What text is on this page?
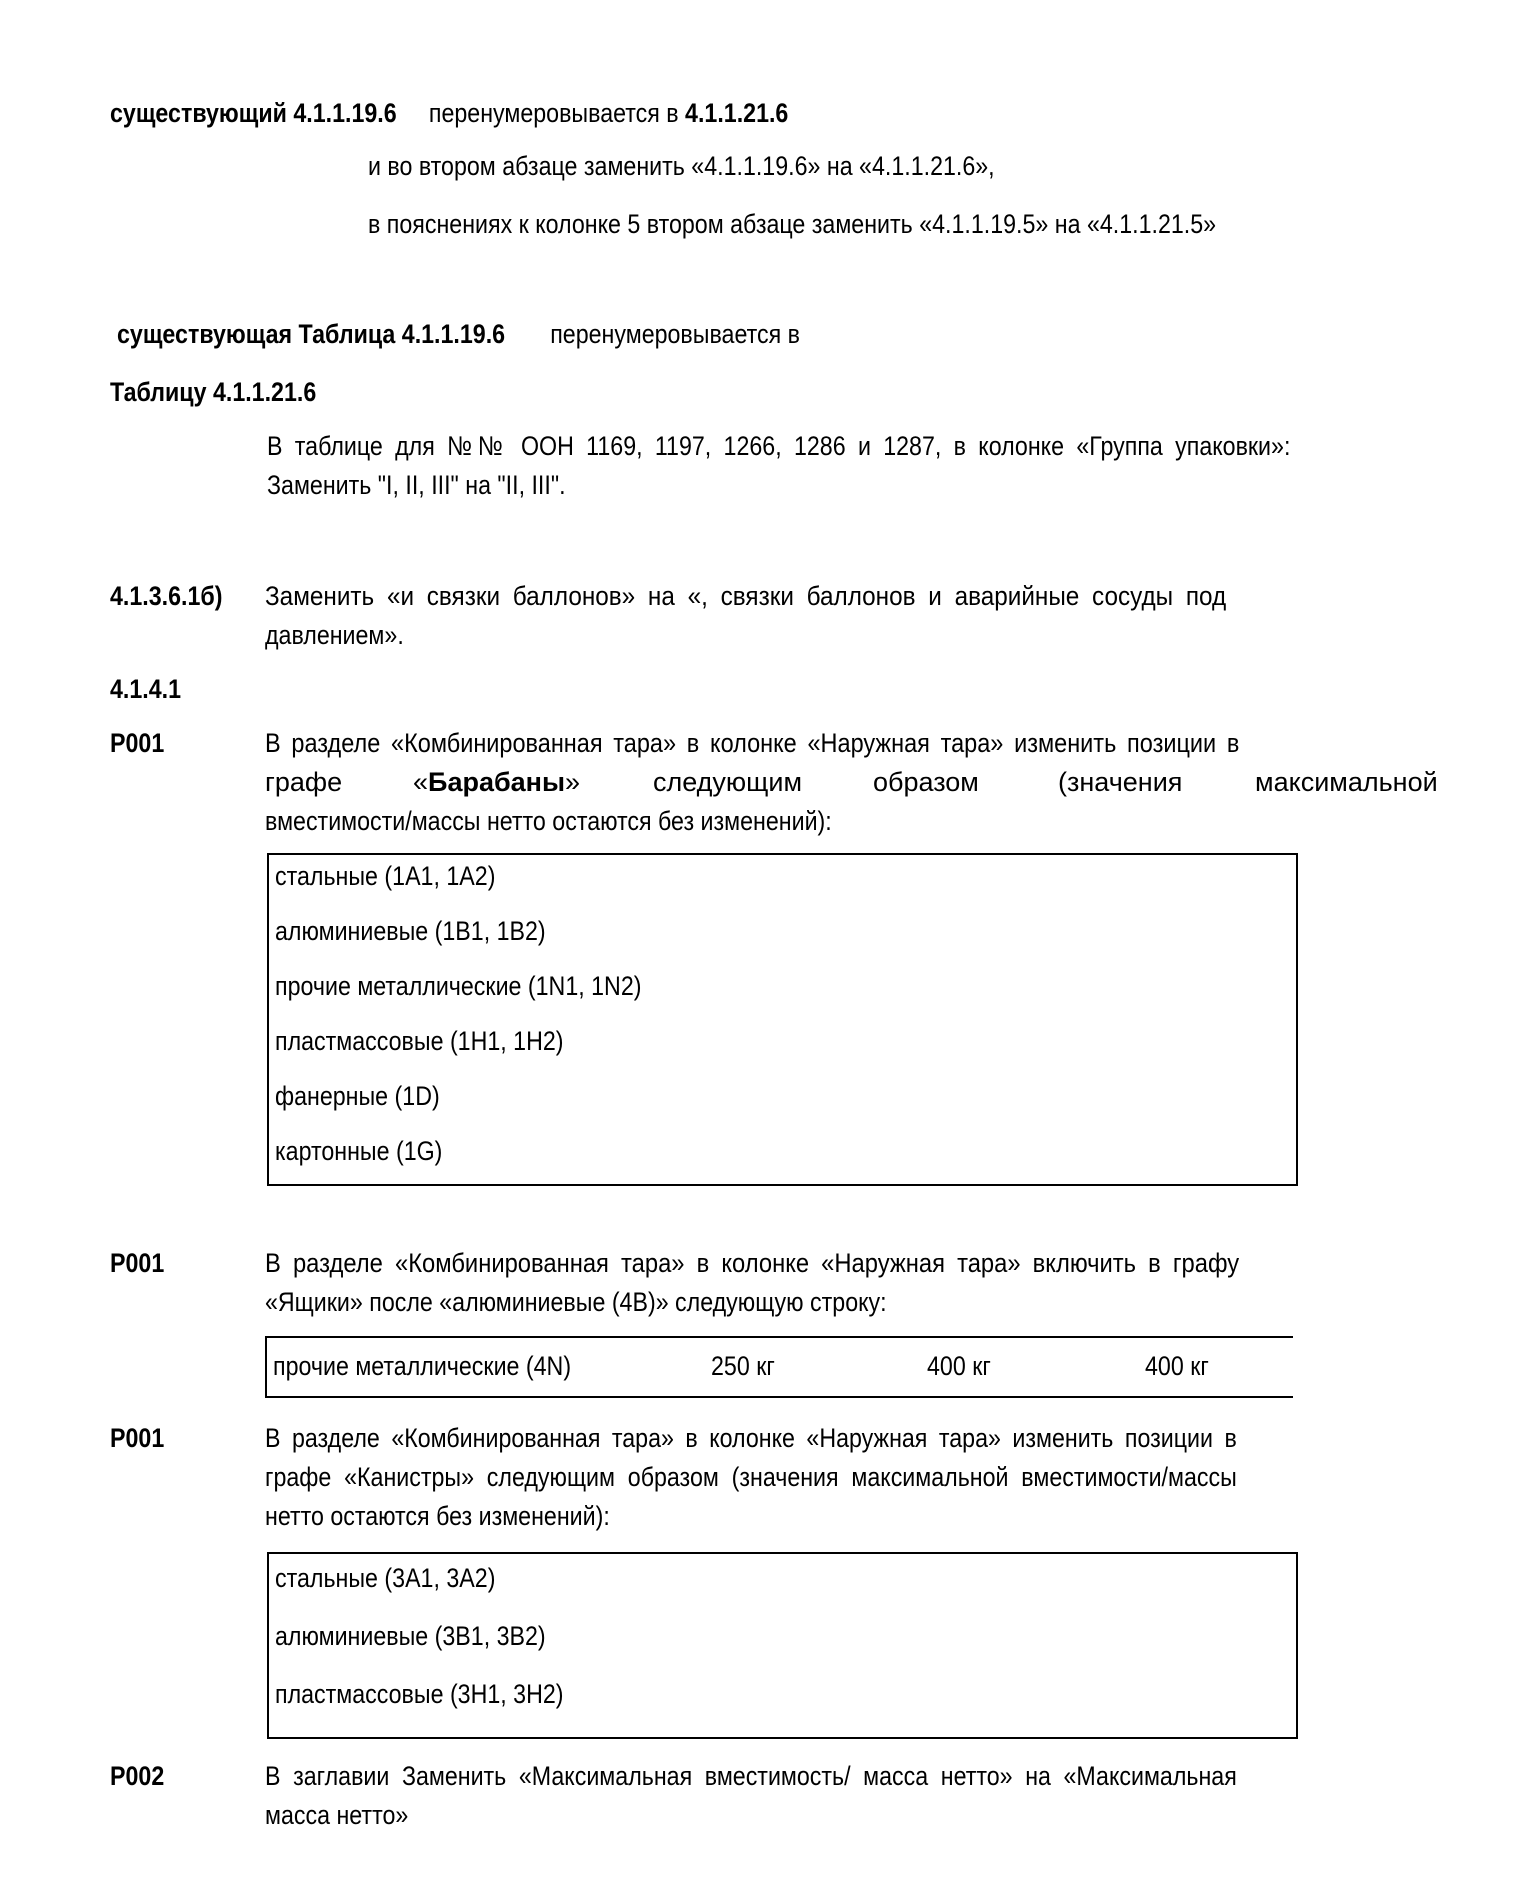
существующий 4.1.1.19.6 перенумеровывается в 4.1.1.21.6
и во втором абзаце заменить «4.1.1.19.6» на «4.1.1.21.6»,
в пояснениях к колонке 5 втором абзаце заменить «4.1.1.19.5» на «4.1.1.21.5»
существующая Таблица 4.1.1.19.6 перенумеровывается в
Таблицу 4.1.1.21.6
В таблице для №№ ООН 1169, 1197, 1266, 1286 и 1287, в колонке «Группа упаковки»:
Заменить "I, II, III" на "II, III".
4.1.3.6.1б)	Заменить «и связки баллонов» на «, связки баллонов и аварийные сосуды под
давлением».
4.1.4.1
P001	В разделе «Комбинированная тара» в колонке «Наружная тара» изменить позиции в
графе	«Барабаны»	следующим	образом	(значения	максимальной
вместимости/массы нетто остаются без изменений):
стальные (1A1, 1A2)
алюминиевые (1B1, 1B2)
прочие металлические (1N1, 1N2)
пластмассовые (1H1, 1H2)
фанерные (1D)
картонные (1G)
P001	В разделе «Комбинированная тара» в колонке «Наружная тара» включить в графу
«Ящики» после «алюминиевые (4B)» следующую строку:
прочие металлические (4N)	250 кг	400 кг	400 кг
P001	В разделе «Комбинированная тара» в колонке «Наружная тара» изменить позиции в
графе «Канистры» следующим образом (значения максимальной вместимости/массы
нетто остаются без изменений):
стальные (3A1, 3A2)
алюминиевые (3B1, 3B2)
пластмассовые (3H1, 3H2)
P002	В заглавии Заменить «Максимальная вместимость/ масса нетто» на «Максимальная
масса нетто»
